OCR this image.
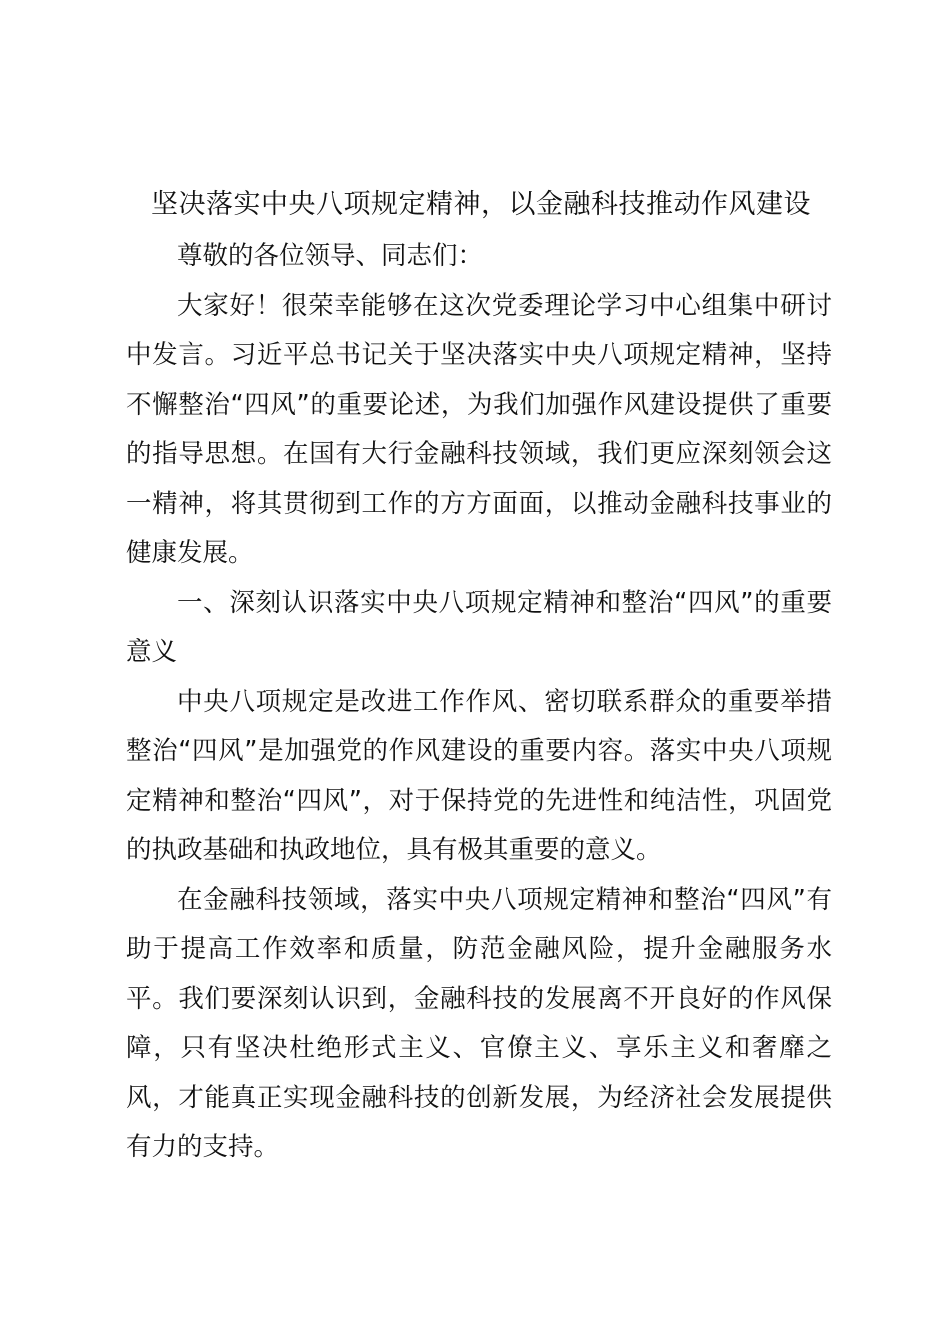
坚决落实中央八项规定精神，以金融科技推动作风建设

尊敬的各位领导、同志们：

大家好！很荣幸能够在这次党委理论学习中心组集中研讨中发言。习近平总书记关于坚决落实中央八项规定精神，坚持不懈整治“四风”的重要论述，为我们加强作风建设提供了重要的指导思想。在国有大行金融科技领域，我们更应深刻领会这一精神，将其贯彻到工作的方方面面，以推动金融科技事业的健康发展。

一、深刻认识落实中央八项规定精神和整治“四风”的重要意义

中央八项规定是改进工作作风、密切联系群众的重要举措整治“四风”是加强党的作风建设的重要内容。落实中央八项规定精神和整治“四风”，对于保持党的先进性和纯洁性，巩固党的执政基础和执政地位，具有极其重要的意义。

在金融科技领域，落实中央八项规定精神和整治“四风”有助于提高工作效率和质量，防范金融风险，提升金融服务水平。我们要深刻认识到，金融科技的发展离不开良好的作风保障，只有坚决杜绝形式主义、官僚主义、享乐主义和奢靡之风，才能真正实现金融科技的创新发展，为经济社会发展提供有力的支持。
